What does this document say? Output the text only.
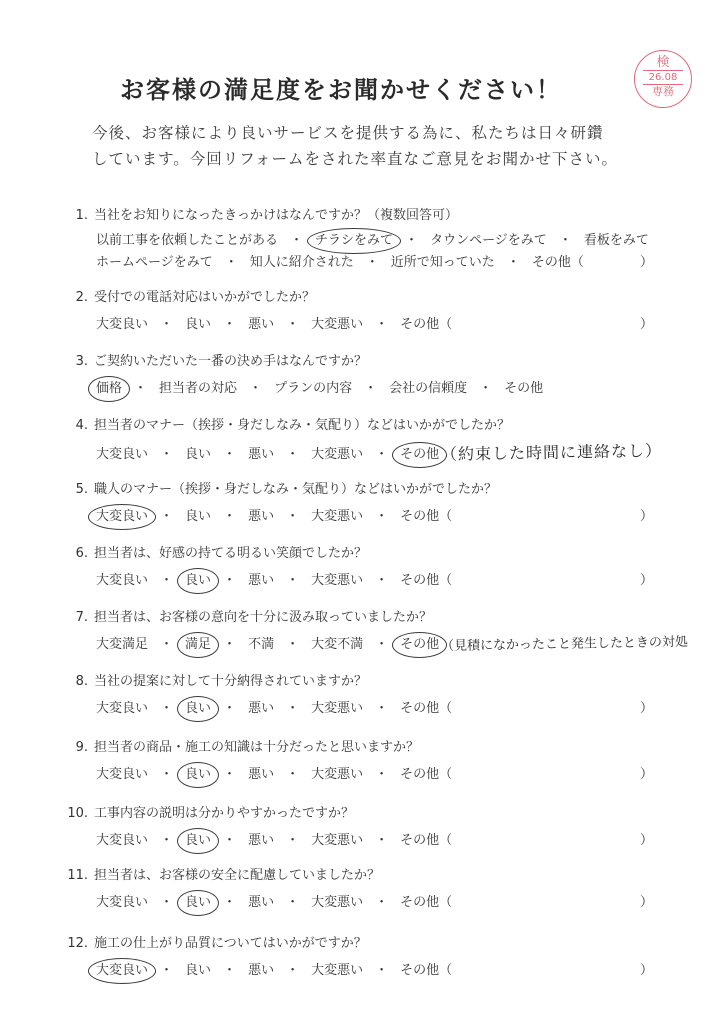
検
26.08
専務
お客様の満足度をお聞かせください！
今後、お客様により良いサービスを提供する為に、私たちは日々研鑽
しています。今回リフォームをされた率直なご意見をお聞かせ下さい。
1. 当社をお知りになったきっかけはなんですか？（複数回答可）
以前工事を依頼したことがある ・ チラシをみて ・ タウンページをみて ・ 看板をみて
ホームページをみて ・ 知人に紹介された ・ 近所で知っていた ・ その他（	）
2. 受付での電話対応はいかがでしたか？
大変良い ・ 良い ・ 悪い ・ 大変悪い ・ その他（	）
3. ご契約いただいた一番の決め手はなんですか？
価格 ・ 担当者の対応 ・ プランの内容 ・ 会社の信頼度 ・ その他
4. 担当者のマナー（挨拶・身だしなみ・気配り）などはいかがでしたか？
大変良い ・ 良い ・ 悪い ・ 大変悪い ・ その他 （約束した時間に連絡なし）
5. 職人のマナー（挨拶・身だしなみ・気配り）などはいかがでしたか？
大変良い ・ 良い ・ 悪い ・ 大変悪い ・ その他（	）
6. 担当者は、好感の持てる明るい笑顔でしたか？
大変良い ・ 良い ・ 悪い ・ 大変悪い ・ その他（	）
7. 担当者は、お客様の意向を十分に汲み取っていましたか？
大変満足 ・ 満足 ・ 不満 ・ 大変不満 ・ その他 （見積になかったこと発生したときの対処
8. 当社の提案に対して十分納得されていますか？
大変良い ・ 良い ・ 悪い ・ 大変悪い ・ その他（	）
9. 担当者の商品・施工の知識は十分だったと思いますか？
大変良い ・ 良い ・ 悪い ・ 大変悪い ・ その他（	）
10. 工事内容の説明は分かりやすかったですか？
大変良い ・ 良い ・ 悪い ・ 大変悪い ・ その他（	）
11. 担当者は、お客様の安全に配慮していましたか？
大変良い ・ 良い ・ 悪い ・ 大変悪い ・ その他（	）
12. 施工の仕上がり品質についてはいかがですか？
大変良い ・ 良い ・ 悪い ・ 大変悪い ・ その他（	）
